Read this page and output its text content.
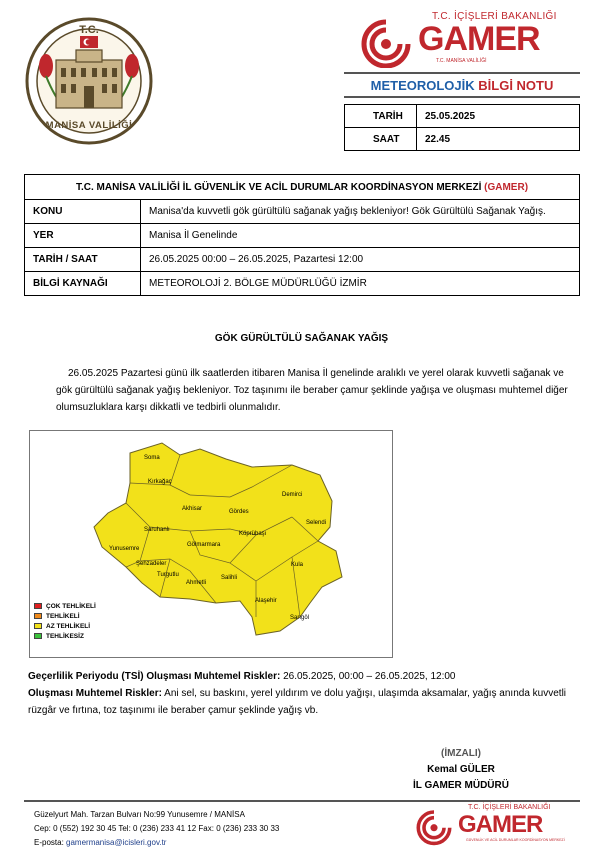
T.C.
MANİSA VALİLİĞİ
T.C. İÇİŞLERİ BAKANLIĞI
GAMER
T.C. MANİSA VALİLİĞİ
METEOROLOJİK
BİLGİ NOTU
TARİH	25.05.2025
SAAT	22.45
T.C. MANİSA VALİLİĞİ İL GÜVENLİK VE ACİL DURUMLAR KOORDİNASYON MERKEZİ (GAMER)	
KONU	Manisa'da kuvvetli gök gürültülü sağanak yağış bekleniyor! Gök Gürültülü Sağanak Yağış.
YER	Manisa İl Genelinde
TARİH / SAAT	26.05.2025 00:00 – 26.05.2025, Pazartesi 12:00
BİLGİ KAYNAĞI	METEOROLOJİ 2. BÖLGE MÜDÜRLÜĞÜ İZMİR
GÖK GÜRÜLTÜLÜ SAĞANAK YAĞIŞ
26.05.2025 Pazartesi günü ilk saatlerden itibaren Manisa İl genelinde aralıklı ve yerel olarak kuvvetli sağanak ve gök gürültülü sağanak yağış bekleniyor. Toz taşınımı ile beraber çamur şeklinde yağışa ve oluşması muhtemel diğer olumsuzluklara karşı dikkatli ve tedbirli olunmalıdır.
Soma
Kırkağaç
Akhisar
Demirci
Gördes
Saruhanlı
Gölmarmara
Köprübaşı
Selendi
Yunusemre
Şehzadeler
Turgutlu
Ahmetli
Salihli
Kula
Alaşehir
Sarıgöl
ÇOK TEHLİKELİ
TEHLİKELİ
AZ TEHLİKELİ
TEHLİKESİZ
Geçerlilik Periyodu (TSİ) Oluşması Muhtemel Riskler: 26.05.2025, 00:00 – 26.05.2025, 12:00
Oluşması Muhtemel Riskler: Ani sel, su baskını, yerel yıldırım ve dolu yağışı, ulaşımda aksamalar, yağış anında kuvvetli rüzgâr ve fırtına, toz taşınımı ile beraber çamur şeklinde yağış vb.
(İMZALI)
Kemal GÜLER
İL GAMER MÜDÜRÜ
Güzelyurt Mah. Tarzan Bulvarı No:99 Yunusemre / MANİSA
Cep: 0 (552) 192 30 45 Tel: 0 (236) 233 41 12 Fax: 0 (236) 233 30 33
E-posta: gamermanisa@icisleri.gov.tr
T.C. İÇİŞLERİ BAKANLIĞI
GAMER
GÜVENLİK VE ACİL DURUMLAR KOORDİNASYON MERKEZİ
